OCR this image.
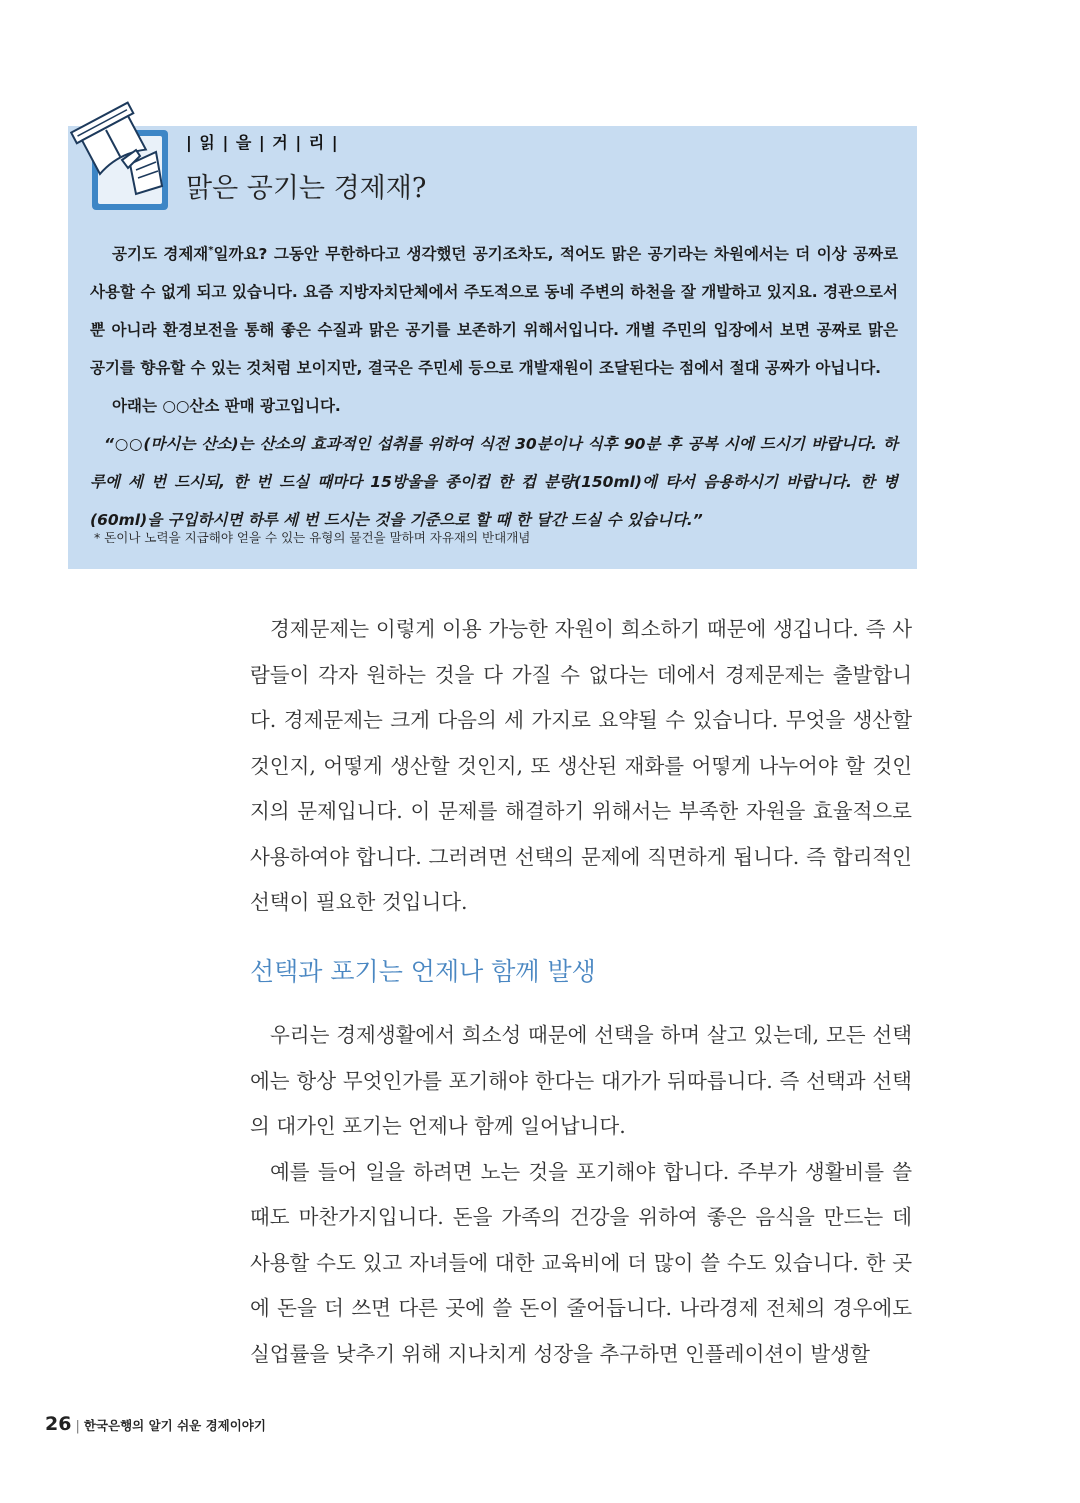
| 읽 | 을 | 거 | 리 |
맑은 공기는 경제재?

공기도 경제재*일까요? 그동안 무한하다고 생각했던 공기조차도, 적어도 맑은 공기라는 차원에서는 더 이상 공짜로 사용할 수 없게 되고 있습니다. 요즘 지방자치단체에서 주도적으로 동네 주변의 하천을 잘 개발하고 있지요. 경관으로서뿐 아니라 환경보전을 통해 좋은 수질과 맑은 공기를 보존하기 위해서입니다. 개별 주민의 입장에서 보면 공짜로 맑은 공기를 향유할 수 있는 것처럼 보이지만, 결국은 주민세 등으로 개발재원이 조달된다는 점에서 절대 공짜가 아닙니다.

아래는 ○○산소 판매 광고입니다.

“○○(마시는 산소)는 산소의 효과적인 섭취를 위하여 식전 30분이나 식후 90분 후 공복 시에 드시기 바랍니다. 하루에 세 번 드시되, 한 번 드실 때마다 15방울을 종이컵 한 컵 분량(150ml)에 타서 음용하시기 바랍니다. 한 병(60ml)을 구입하시면 하루 세 번 드시는 것을 기준으로 할 때 한 달간 드실 수 있습니다.”

* 돈이나 노력을 지급해야 얻을 수 있는 유형의 물건을 말하며 자유재의 반대개념

경제문제는 이렇게 이용 가능한 자원이 희소하기 때문에 생깁니다. 즉 사람들이 각자 원하는 것을 다 가질 수 없다는 데에서 경제문제는 출발합니다. 경제문제는 크게 다음의 세 가지로 요약될 수 있습니다. 무엇을 생산할 것인지, 어떻게 생산할 것인지, 또 생산된 재화를 어떻게 나누어야 할 것인지의 문제입니다. 이 문제를 해결하기 위해서는 부족한 자원을 효율적으로 사용하여야 합니다. 그러려면 선택의 문제에 직면하게 됩니다. 즉 합리적인 선택이 필요한 것입니다.

선택과 포기는 언제나 함께 발생

우리는 경제생활에서 희소성 때문에 선택을 하며 살고 있는데, 모든 선택에는 항상 무엇인가를 포기해야 한다는 대가가 뒤따릅니다. 즉 선택과 선택의 대가인 포기는 언제나 함께 일어납니다.

예를 들어 일을 하려면 노는 것을 포기해야 합니다. 주부가 생활비를 쓸 때도 마찬가지입니다. 돈을 가족의 건강을 위하여 좋은 음식을 만드는 데 사용할 수도 있고 자녀들에 대한 교육비에 더 많이 쓸 수도 있습니다. 한 곳에 돈을 더 쓰면 다른 곳에 쓸 돈이 줄어듭니다. 나라경제 전체의 경우에도 실업률을 낮추기 위해 지나치게 성장을 추구하면 인플레이션이 발생할

26 | 한국은행의 알기 쉬운 경제이야기
